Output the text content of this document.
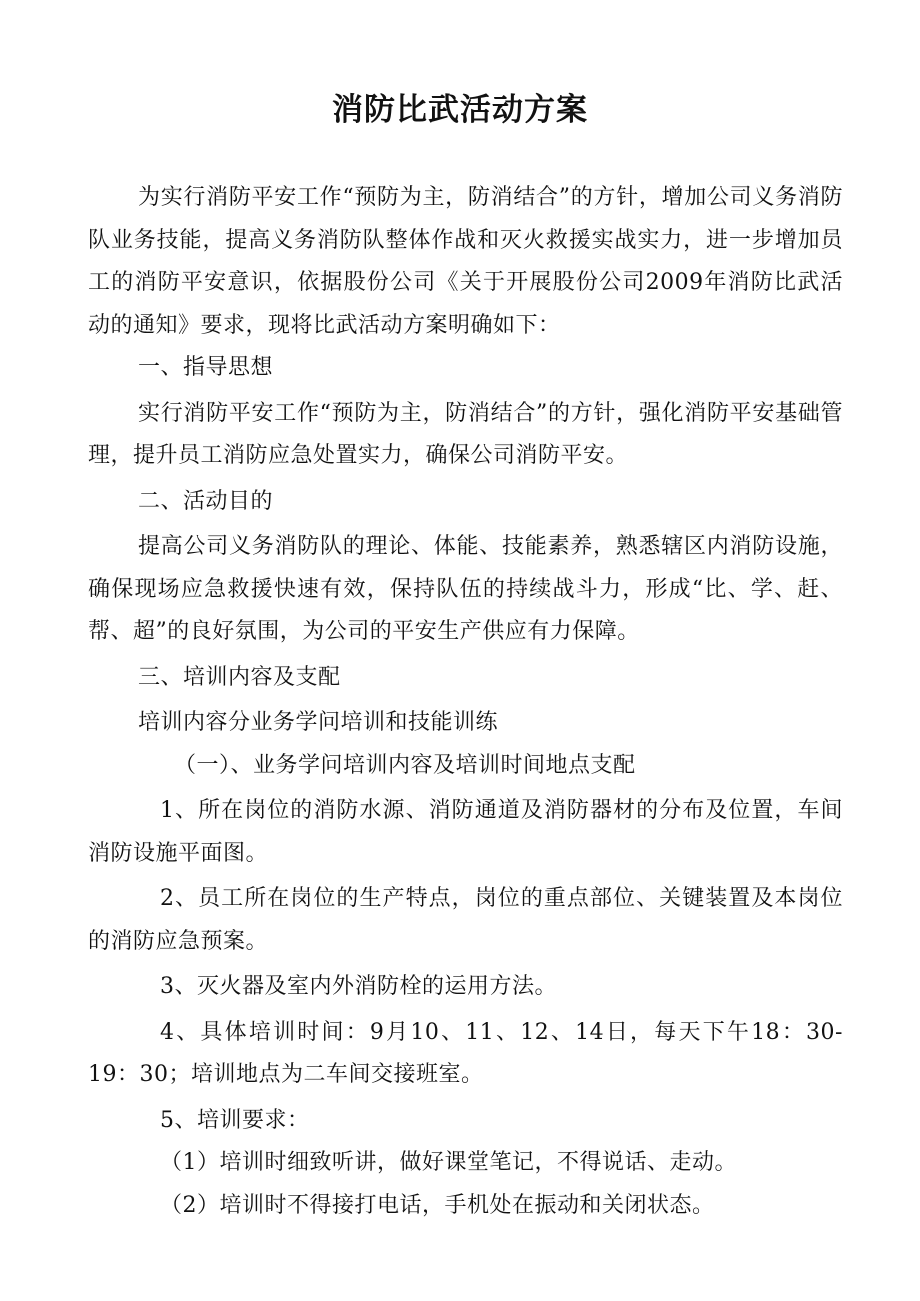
消防比武活动方案

为实行消防平安工作“预防为主，防消结合”的方针，增加公司义务消防队业务技能，提高义务消防队整体作战和灭火救援实战实力，进一步增加员工的消防平安意识，依据股份公司《关于开展股份公司2009年消防比武活动的通知》要求，现将比武活动方案明确如下：

一、指导思想

实行消防平安工作“预防为主，防消结合”的方针，强化消防平安基础管理，提升员工消防应急处置实力，确保公司消防平安。

二、活动目的

提高公司义务消防队的理论、体能、技能素养，熟悉辖区内消防设施，确保现场应急救援快速有效，保持队伍的持续战斗力，形成“比、学、赶、帮、超”的良好氛围，为公司的平安生产供应有力保障。

三、培训内容及支配

培训内容分业务学问培训和技能训练

（一）、业务学问培训内容及培训时间地点支配

1、所在岗位的消防水源、消防通道及消防器材的分布及位置，车间消防设施平面图。

2、员工所在岗位的生产特点，岗位的重点部位、关键装置及本岗位的消防应急预案。

3、灭火器及室内外消防栓的运用方法。

4、具体培训时间：9月10、11、12、14日，每天下午18：30-19：30；培训地点为二车间交接班室。

5、培训要求：

（1）培训时细致听讲，做好课堂笔记，不得说话、走动。

（2）培训时不得接打电话，手机处在振动和关闭状态。
